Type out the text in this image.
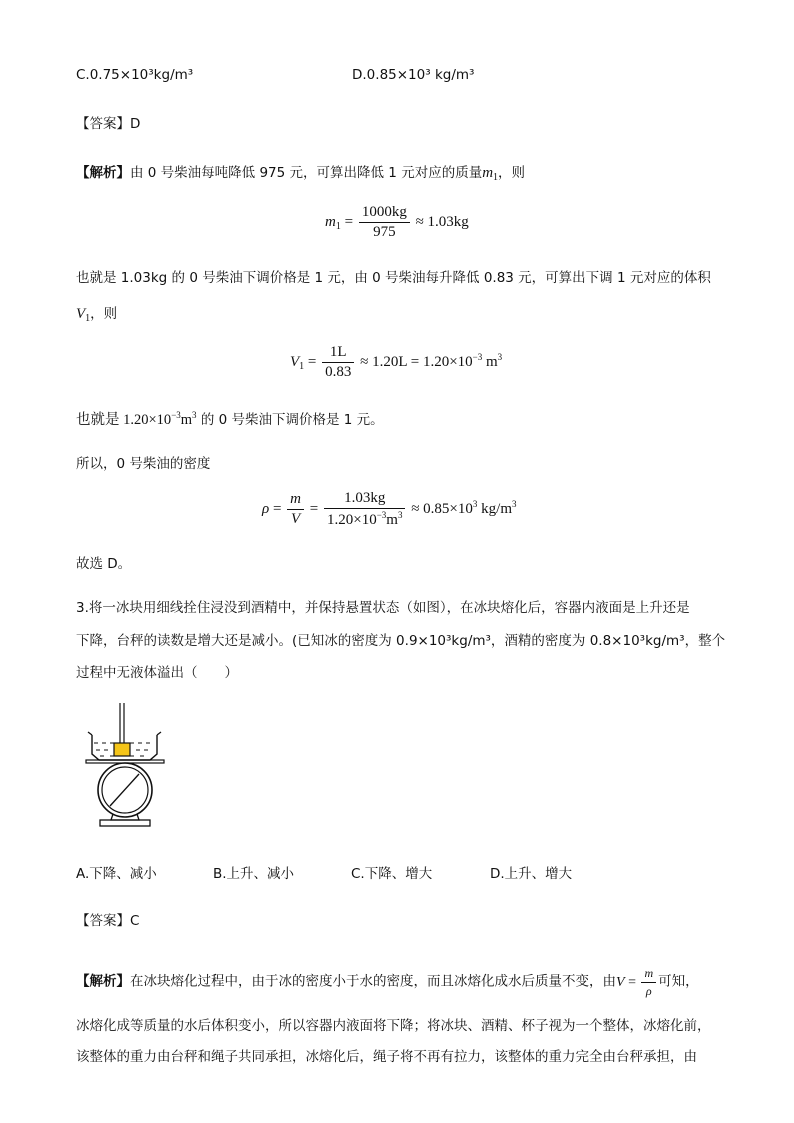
C.0.75×10³kg/m³	D.0.85×10³ kg/m³
【答案】D
【解析】由 0 号柴油每吨降低 975 元，可算出降低 1 元对应的质量$m_1$，则
$m_1 = \frac{1000kg}{975} \approx 1.03kg$
也就是 1.03kg 的 0 号柴油下调价格是 1 元，由 0 号柴油每升降低 0.83 元，可算出下调 1 元对应的体积
$V_1$，则
$V_1 = \frac{1L}{0.83} \approx 1.20L = 1.20\times 10^{-3}$ $m^3$
也就是 $1.20\times 10^{-3}m^3$ 的 0 号柴油下调价格是 1 元。
所以，0 号柴油的密度
$\rho = \frac{m}{V} = \frac{1.03kg}{1.20\times 10^{-3}m^3} \approx 0.85\times 10^3$ $kg/m^3$
故选 D。
3.将一冰块用细线拴住浸没到酒精中，并保持悬置状态（如图），在冰块熔化后，容器内液面是上升还是
下降，台秤的读数是增大还是减小。(已知冰的密度为 0.9×10³kg/m³，酒精的密度为 0.8×10³kg/m³，整个
过程中无液体溢出（　　）
A.下降、减小	B.上升、减小	C.下降、增大	D.上升、增大
【答案】C
【解析】在冰块熔化过程中，由于冰的密度小于水的密度，而且冰熔化成水后质量不变，由$V = \frac{m}{\rho}$ 可知，
冰熔化成等质量的水后体积变小，所以容器内液面将下降；将冰块、酒精、杯子视为一个整体，冰熔化前，
该整体的重力由台秤和绳子共同承担，冰熔化后，绳子将不再有拉力，该整体的重力完全由台秤承担，由
